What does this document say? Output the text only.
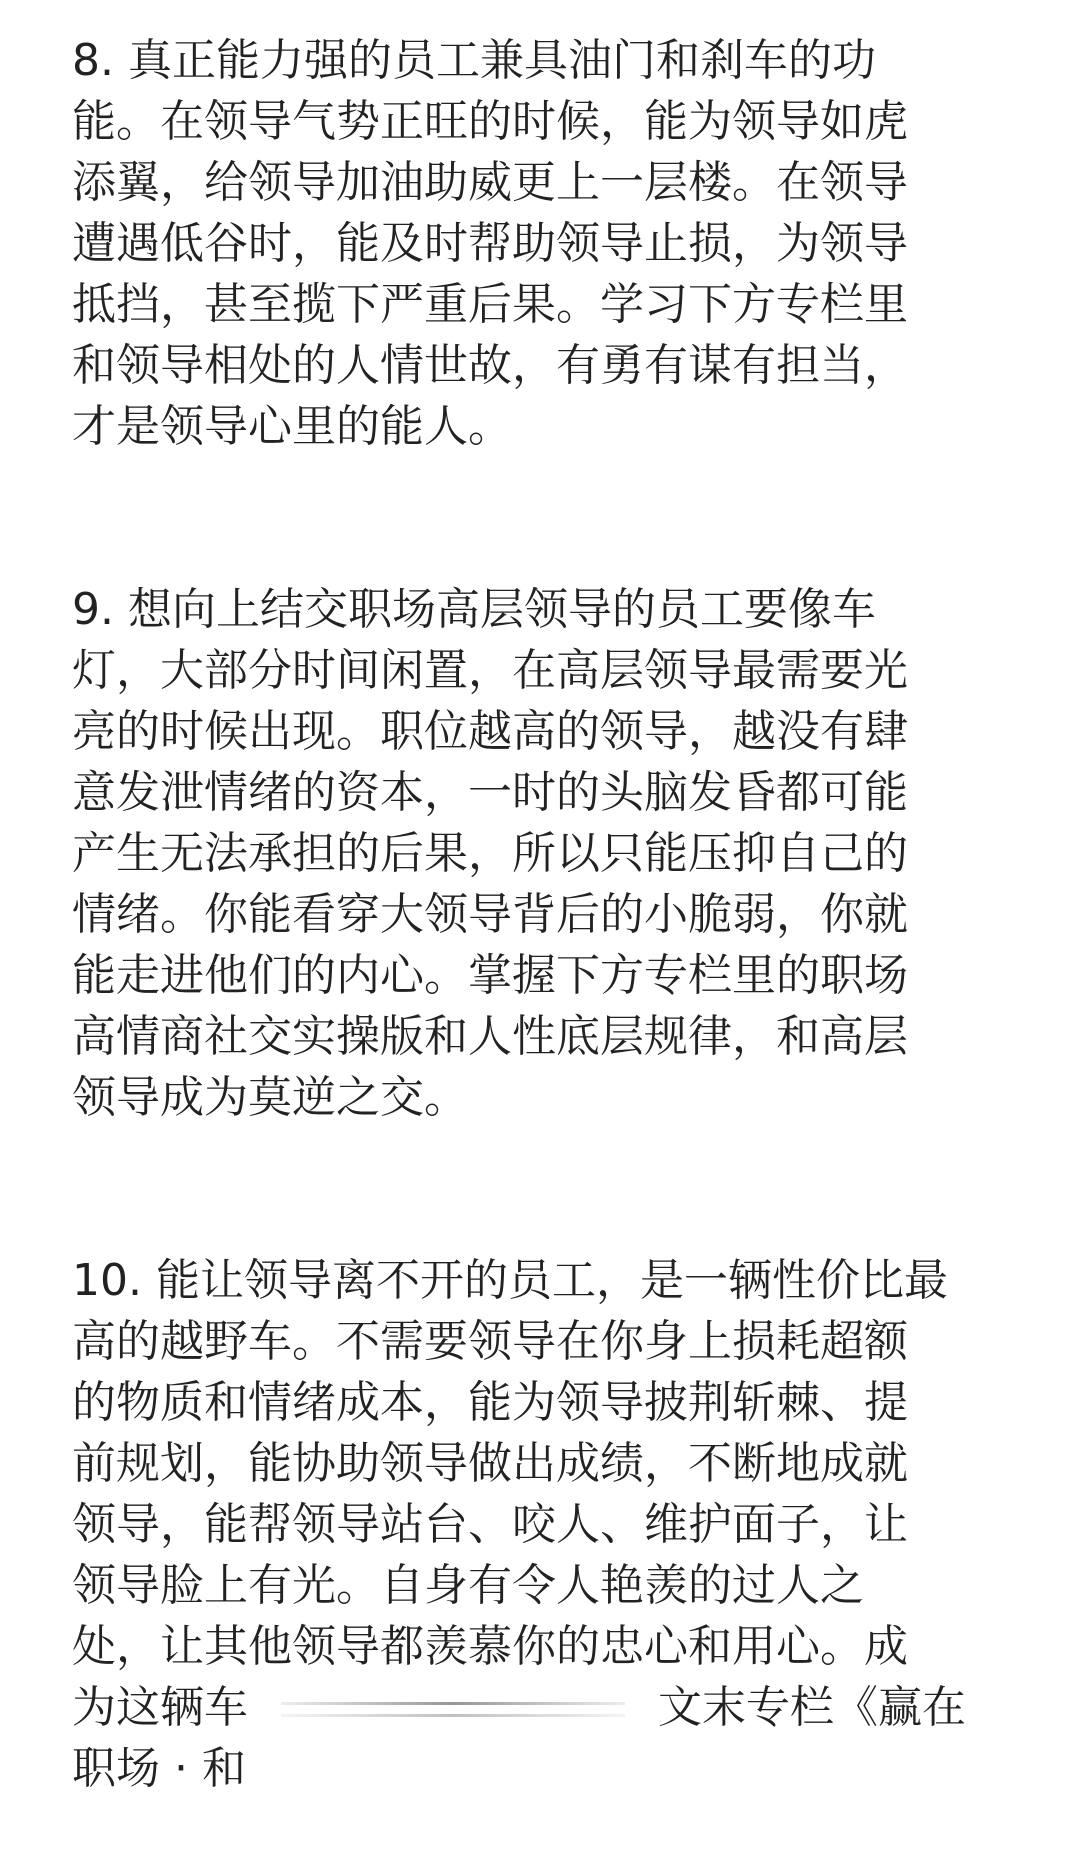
8. 真正能力强的员工兼具油门和刹车的功
能。在领导气势正旺的时候，能为领导如虎
添翼，给领导加油助威更上一层楼。在领导
遭遇低谷时，能及时帮助领导止损，为领导
抵挡，甚至揽下严重后果。学习下方专栏里
和领导相处的人情世故，有勇有谋有担当，
才是领导心里的能人。

9. 想向上结交职场高层领导的员工要像车
灯，大部分时间闲置，在高层领导最需要光
亮的时候出现。职位越高的领导，越没有肆
意发泄情绪的资本，一时的头脑发昏都可能
产生无法承担的后果，所以只能压抑自己的
情绪。你能看穿大领导背后的小脆弱，你就
能走进他们的内心。掌握下方专栏里的职场
高情商社交实操版和人性底层规律，和高层
领导成为莫逆之交。

10. 能让领导离不开的员工，是一辆性价比最
高的越野车。不需要领导在你身上损耗超额
的物质和情绪成本，能为领导披荆斩棘、提
前规划，能协助领导做出成绩，不断地成就
领导，能帮领导站台、咬人、维护面子，让
领导脸上有光。自身有令人艳羡的过人之
处，让其他领导都羡慕你的忠心和用心。成
为这辆车	文末专栏《赢在
职场 · 和
